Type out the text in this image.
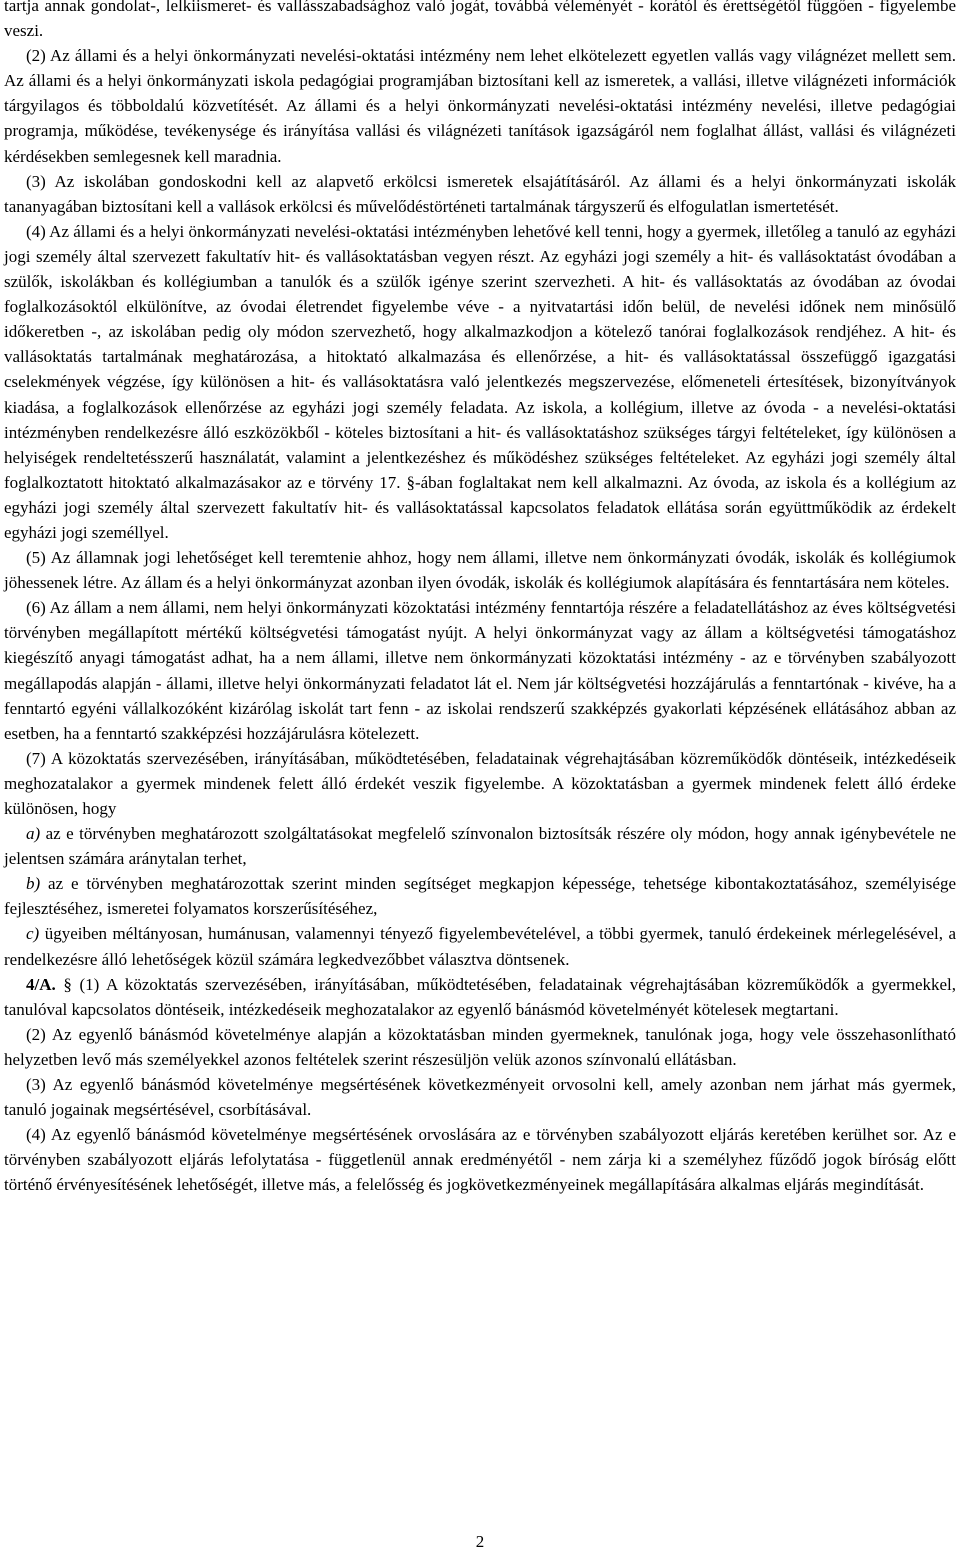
tartja annak gondolat-, lelkiismeret- és vallásszabadsághoz való jogát, továbbá véleményét - korától és érettségétől függően - figyelembe veszi.

(2) Az állami és a helyi önkormányzati nevelési-oktatási intézmény nem lehet elkötelezett egyetlen vallás vagy világnézet mellett sem. Az állami és a helyi önkormányzati iskola pedagógiai programjában biztosítani kell az ismeretek, a vallási, illetve világnézeti információk tárgyilagos és többoldalú közvetítését. Az állami és a helyi önkormányzati nevelési-oktatási intézmény nevelési, illetve pedagógiai programja, működése, tevékenysége és irányítása vallási és világnézeti tanítások igazságáról nem foglalhat állást, vallási és világnézeti kérdésekben semlegesnek kell maradnia.

(3) Az iskolában gondoskodni kell az alapvető erkölcsi ismeretek elsajátításáról. Az állami és a helyi önkormányzati iskolák tananyagában biztosítani kell a vallások erkölcsi és művelődéstörténeti tartalmának tárgyszerű és elfogulatlan ismertetését.

(4) Az állami és a helyi önkormányzati nevelési-oktatási intézményben lehetővé kell tenni, hogy a gyermek, illetőleg a tanuló az egyházi jogi személy által szervezett fakultatív hit- és vallásoktatásban vegyen részt. Az egyházi jogi személy a hit- és vallásoktatást óvodában a szülők, iskolákban és kollégiumban a tanulók és a szülők igénye szerint szervezheti. A hit- és vallásoktatás az óvodában az óvodai foglalkozásoktól elkülönítve, az óvodai életrendet figyelembe véve - a nyitvatartási időn belül, de nevelési időnek nem minősülő időkeretben -, az iskolában pedig oly módon szervezhető, hogy alkalmazkodjon a kötelező tanórai foglalkozások rendjéhez. A hit- és vallásoktatás tartalmának meghatározása, a hitoktató alkalmazása és ellenőrzése, a hit- és vallásoktatással összefüggő igazgatási cselekmények végzése, így különösen a hit- és vallásoktatásra való jelentkezés megszervezése, előmeneteli értesítések, bizonyítványok kiadása, a foglalkozások ellenőrzése az egyházi jogi személy feladata. Az iskola, a kollégium, illetve az óvoda - a nevelési-oktatási intézményben rendelkezésre álló eszközökből - köteles biztosítani a hit- és vallásoktatáshoz szükséges tárgyi feltételeket, így különösen a helyiségek rendeltetésszerű használatát, valamint a jelentkezéshez és működéshez szükséges feltételeket. Az egyházi jogi személy által foglalkoztatott hitoktató alkalmazásakor az e törvény 17. §-ában foglaltakat nem kell alkalmazni. Az óvoda, az iskola és a kollégium az egyházi jogi személy által szervezett fakultatív hit- és vallásoktatással kapcsolatos feladatok ellátása során együttműködik az érdekelt egyházi jogi személlyel.

(5) Az államnak jogi lehetőséget kell teremtenie ahhoz, hogy nem állami, illetve nem önkormányzati óvodák, iskolák és kollégiumok jöhessenek létre. Az állam és a helyi önkormányzat azonban ilyen óvodák, iskolák és kollégiumok alapítására és fenntartására nem köteles.

(6) Az állam a nem állami, nem helyi önkormányzati közoktatási intézmény fenntartója részére a feladatellátáshoz az éves költségvetési törvényben megállapított mértékű költségvetési támogatást nyújt. A helyi önkormányzat vagy az állam a költségvetési támogatáshoz kiegészítő anyagi támogatást adhat, ha a nem állami, illetve nem önkormányzati közoktatási intézmény - az e törvényben szabályozott megállapodás alapján - állami, illetve helyi önkormányzati feladatot lát el. Nem jár költségvetési hozzájárulás a fenntartónak - kivéve, ha a fenntartó egyéni vállalkozóként kizárólag iskolát tart fenn - az iskolai rendszerű szakképzés gyakorlati képzésének ellátásához abban az esetben, ha a fenntartó szakképzési hozzájárulásra kötelezett.

(7) A közoktatás szervezésében, irányításában, működtetésében, feladatainak végrehajtásában közreműködők döntéseik, intézkedéseik meghozatalakor a gyermek mindenek felett álló érdekét veszik figyelembe. A közoktatásban a gyermek mindenek felett álló érdeke különösen, hogy

a) az e törvényben meghatározott szolgáltatásokat megfelelő színvonalon biztosítsák részére oly módon, hogy annak igénybevétele ne jelentsen számára aránytalan terhet,

b) az e törvényben meghatározottak szerint minden segítséget megkapjon képessége, tehetsége kibontakoztatásához, személyisége fejlesztéséhez, ismeretei folyamatos korszerűsítéséhez,

c) ügyeiben méltányosan, humánusan, valamennyi tényező figyelembevételével, a többi gyermek, tanuló érdekeinek mérlegelésével, a rendelkezésre álló lehetőségek közül számára legkedvezőbbet választva döntsenek.

4/A. § (1) A közoktatás szervezésében, irányításában, működtetésében, feladatainak végrehajtásában közreműködők a gyermekkel, tanulóval kapcsolatos döntéseik, intézkedéseik meghozatalakor az egyenlő bánásmód követelményét kötelesek megtartani.

(2) Az egyenlő bánásmód követelménye alapján a közoktatásban minden gyermeknek, tanulónak joga, hogy vele összehasonlítható helyzetben levő más személyekkel azonos feltételek szerint részesüljön velük azonos színvonalú ellátásban.

(3) Az egyenlő bánásmód követelménye megsértésének következményeit orvosolni kell, amely azonban nem járhat más gyermek, tanuló jogainak megsértésével, csorbításával.

(4) Az egyenlő bánásmód követelménye megsértésének orvoslására az e törvényben szabályozott eljárás keretében kerülhet sor. Az e törvényben szabályozott eljárás lefolytatása - függetlenül annak eredményétől - nem zárja ki a személyhez fűződő jogok bíróság előtt történő érvényesítésének lehetőségét, illetve más, a felelősség és jogkövetkezményeinek megállapítására alkalmas eljárás megindítását.

2
